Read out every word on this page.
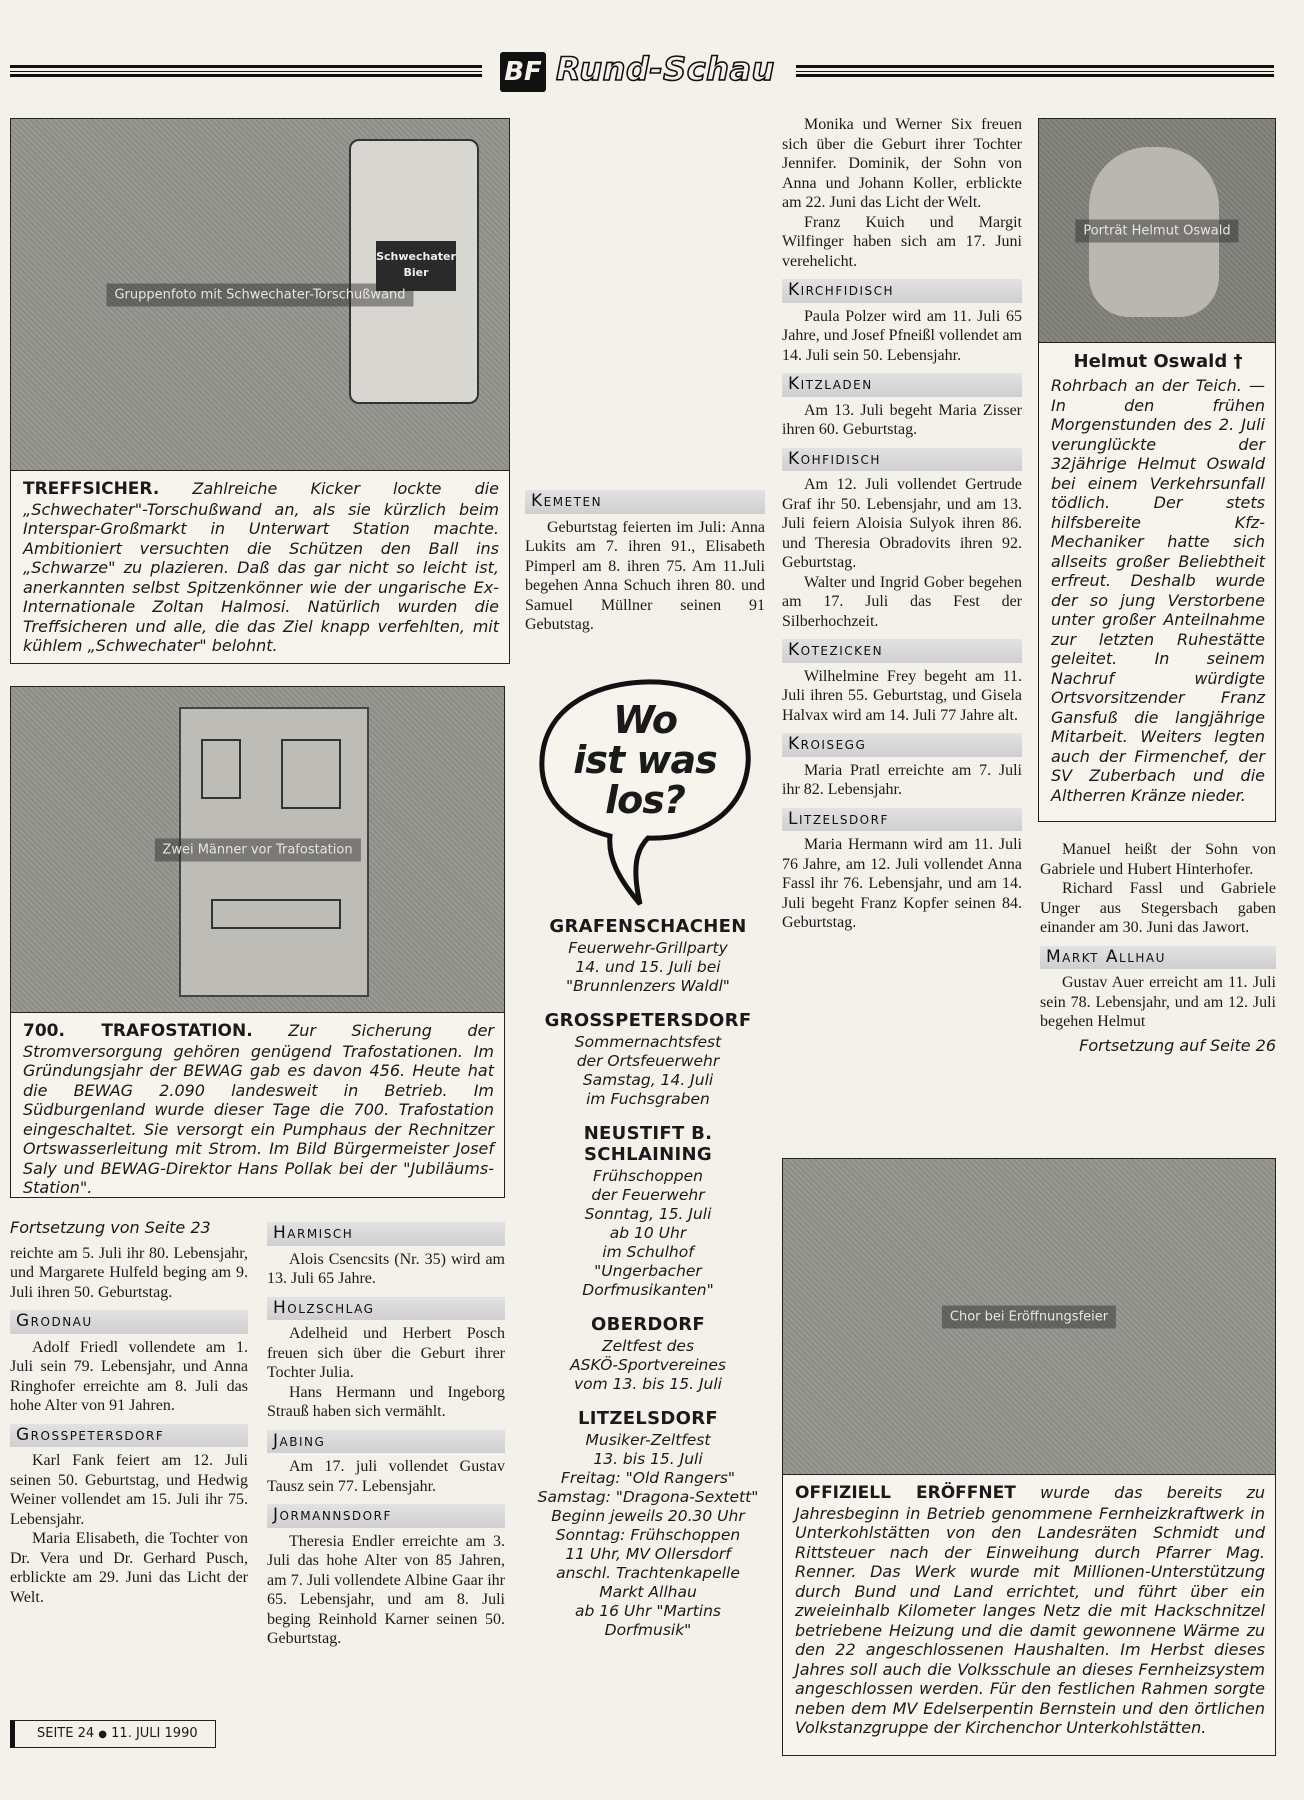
BF Rund-Schau
Schwechater
Bier
Gruppenfoto mit Schwechater-Torschußwand
TREFFSICHER. Zahlreiche Kicker lockte die „Schwechater"-Torschußwand an, als sie kürzlich beim Interspar-Großmarkt in Unterwart Station machte. Ambitioniert versuchten die Schützen den Ball ins „Schwarze" zu plazieren. Daß das gar nicht so leicht ist, anerkannten selbst Spitzenkönner wie der ungarische Ex-Internationale Zoltan Halmosi. Natürlich wurden die Treffsicheren und alle, die das Ziel knapp verfehlten, mit kühlem „Schwechater" belohnt.
Zwei Männer vor Trafostation
700. TRAFOSTATION. Zur Sicherung der Stromversorgung gehören genügend Trafostationen. Im Gründungsjahr der BEWAG gab es davon 456. Heute hat die BEWAG 2.090 landesweit in Betrieb. Im Südburgenland wurde dieser Tage die 700. Trafostation eingeschaltet. Sie versorgt ein Pumphaus der Rechnitzer Ortswasserleitung mit Strom. Im Bild Bürgermeister Josef Saly und BEWAG-Direktor Hans Pollak bei der "Jubiläums-Station".

Fortsetzung von Seite 23

reichte am 5. Juli ihr 80. Lebensjahr, und Margarete Hulfeld beging am 9. Juli ihren 50. Geburtstag.

Grodnau

Adolf Friedl vollendete am 1. Juli sein 79. Lebensjahr, und Anna Ringhofer erreichte am 8. Juli das hohe Alter von 91 Jahren.

Grosspetersdorf

Karl Fank feiert am 12. Juli seinen 50. Geburtstag, und Hedwig Weiner vollendet am 15. Juli ihr 75. Lebensjahr.

Maria Elisabeth, die Tochter von Dr. Vera und Dr. Gerhard Pusch, erblickte am 29. Juni das Licht der Welt.

SEITE 24 ● 11. JULI 1990
Harmisch

Alois Csencsits (Nr. 35) wird am 13. Juli 65 Jahre.

Holzschlag

Adelheid und Herbert Posch freuen sich über die Geburt ihrer Tochter Julia.

Hans Hermann und Ingeborg Strauß haben sich vermählt.

Jabing

Am 17. juli vollendet Gustav Tausz sein 77. Lebensjahr.

Jormannsdorf

Theresia Endler erreichte am 3. Juli das hohe Alter von 85 Jahren, am 7. Juli vollendete Albine Gaar ihr 65. Lebensjahr, und am 8. Juli beging Reinhold Karner seinen 50. Geburtstag.

Kemeten

Geburtstag feierten im Juli: Anna Lukits am 7. ihren 91., Elisabeth Pimperl am 8. ihren 75. Am 11.Juli begehen Anna Schuch ihren 80. und Samuel Müllner seinen 91 Gebutstag.

Wo
ist was
los?
GRAFENSCHACHEN
Feuerwehr-Grillparty
14. und 15. Juli bei
"Brunnlenzers Waldl"
GROSSPETERSDORF
Sommernachtsfest
der Ortsfeuerwehr
Samstag, 14. Juli
im Fuchsgraben
NEUSTIFT B. SCHLAINING
Frühschoppen
der Feuerwehr
Sonntag, 15. Juli
ab 10 Uhr
im Schulhof
"Ungerbacher
Dorfmusikanten"
OBERDORF
Zeltfest des
ASKÖ-Sportvereines
vom 13. bis 15. Juli
LITZELSDORF
Musiker-Zeltfest
13. bis 15. Juli
Freitag: "Old Rangers"
Samstag: "Dragona-Sextett"
Beginn jeweils 20.30 Uhr
Sonntag: Frühschoppen
11 Uhr, MV Ollersdorf
anschl. Trachtenkapelle
Markt Allhau
ab 16 Uhr "Martins
Dorfmusik"

Monika und Werner Six freuen sich über die Geburt ihrer Tochter Jennifer. Dominik, der Sohn von Anna und Johann Koller, erblickte am 22. Juni das Licht der Welt.

Franz Kuich und Margit Wilfinger haben sich am 17. Juni verehelicht.

Kirchfidisch

Paula Polzer wird am 11. Juli 65 Jahre, und Josef Pfneißl vollendet am 14. Juli sein 50. Lebensjahr.

Kitzladen

Am 13. Juli begeht Maria Zisser ihren 60. Geburtstag.

Kohfidisch

Am 12. Juli vollendet Gertrude Graf ihr 50. Lebensjahr, und am 13. Juli feiern Aloisia Sulyok ihren 86. und Theresia Obradovits ihren 92. Geburtstag.

Walter und Ingrid Gober begehen am 17. Juli das Fest der Silberhochzeit.

Kotezicken

Wilhelmine Frey begeht am 11. Juli ihren 55. Geburtstag, und Gisela Halvax wird am 14. Juli 77 Jahre alt.

Kroisegg

Maria Pratl erreichte am 7. Juli ihr 82. Lebensjahr.

Litzelsdorf

Maria Hermann wird am 11. Juli 76 Jahre, am 12. Juli vollendet Anna Fassl ihr 76. Lebensjahr, und am 14. Juli begeht Franz Kopfer seinen 84. Geburtstag.

Porträt Helmut Oswald
Helmut Oswald †
Rohrbach an der Teich. — In den frühen Morgenstunden des 2. Juli verunglückte der 32jährige Helmut Oswald bei einem Verkehrsunfall tödlich. Der stets hilfsbereite Kfz-Mechaniker hatte sich allseits großer Beliebtheit erfreut. Deshalb wurde der so jung Verstorbene unter großer Anteilnahme zur letzten Ruhestätte geleitet. In seinem Nachruf würdigte Ortsvorsitzender Franz Gansfuß die langjährige Mitarbeit. Weiters legten auch der Firmenchef, der SV Zuberbach und die Altherren Kränze nieder.

Manuel heißt der Sohn von Gabriele und Hubert Hinterhofer.

Richard Fassl und Gabriele Unger aus Stegersbach gaben einander am 30. Juni das Jawort.

Markt Allhau

Gustav Auer erreicht am 11. Juli sein 78. Lebensjahr, und am 12. Juli begehen Helmut

Fortsetzung auf Seite 26

Chor bei Eröffnungsfeier
OFFIZIELL ERÖFFNET wurde das bereits zu Jahresbeginn in Betrieb genommene Fernheizkraftwerk in Unterkohlstätten von den Landesräten Schmidt und Rittsteuer nach der Einweihung durch Pfarrer Mag. Renner. Das Werk wurde mit Millionen-Unterstützung durch Bund und Land errichtet, und führt über ein zweieinhalb Kilometer langes Netz die mit Hackschnitzel betriebene Heizung und die damit gewonnene Wärme zu den 22 angeschlossenen Haushalten. Im Herbst dieses Jahres soll auch die Volksschule an dieses Fernheizsystem angeschlossen werden. Für den festlichen Rahmen sorgte neben dem MV Edelserpentin Bernstein und den örtlichen Volkstanzgruppe der Kirchenchor Unterkohlstätten.
